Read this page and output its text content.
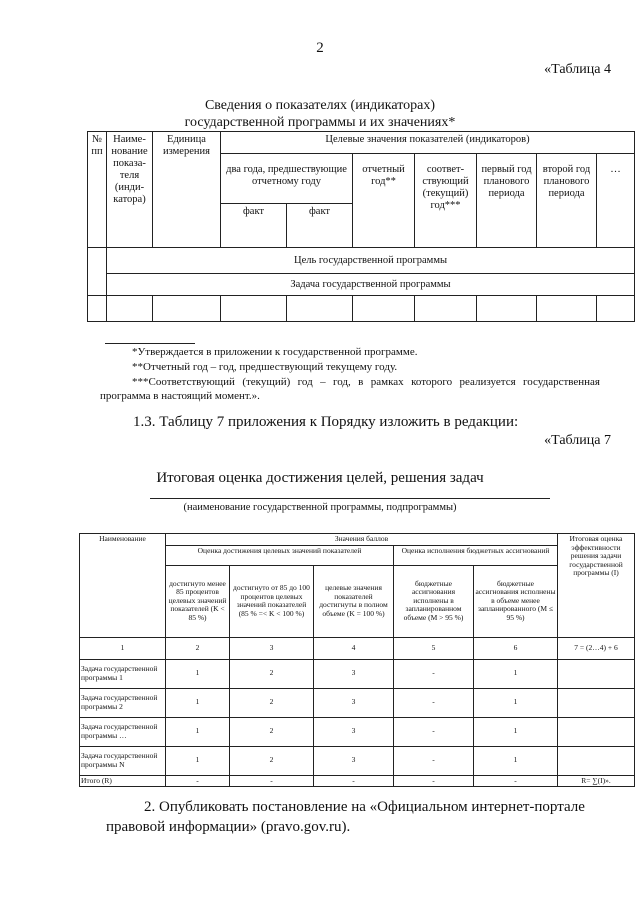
2
«Таблица 4
Сведения о показателях (индикаторах)
государственной программы и их значениях*
№ пп	Наиме-нование показа-теля (инди-катора)	Единица измерения	Целевые значения показателей (индикаторов)						
			два года, предшествующие отчетному году		отчетный год**	соответ-ствующий (текущий) год***	первый год планового периода	второй год планового периода	…
			факт	факт					
	Цель государственной программы								
	Задача государственной программы								

*Утверждается в приложении к государственной программе.
**Отчетный год – год, предшествующий текущему году.
***Соответствующий (текущий) год – год, в рамках которого реализуется государственная программа в настоящий момент.».
1.3. Таблицу 7 приложения к Порядку изложить в редакции:
«Таблица 7
Итоговая оценка достижения целей, решения задач
(наименование государственной программы, подпрограммы)
Наименование	Значения баллов					Итоговая оценка эффективности решения задачи государственной программы (I)
	Оценка достижения целевых значений показателей			Оценка исполнения бюджетных ассигнований		
	достигнуто менее 85 процентов целевых значений показателей (K < 85 %)	достигнуто от 85 до 100 процентов целевых значений показателей (85 % =< K < 100 %)	целевые значения показателей достигнуты в полном объеме (K = 100 %)	бюджетные ассигнования исполнены в запланированном объеме (M > 95 %)	бюджетные ассигнования исполнены в объеме менее запланированного (M ≤ 95 %)	
1	2	3	4	5	6	7 = (2…4) + 6
Задача государственной программы 1	1	2	3	-	1	
Задача государственной программы 2	1	2	3	-	1	
Задача государственной программы …	1	2	3	-	1	
Задача государственной программы N	1	2	3	-	1	
Итого (R)	-	-	-	-	-	R= ∑(I)».
2. Опубликовать постановление на «Официальном интернет-портале правовой информации» (pravo.gov.ru).
